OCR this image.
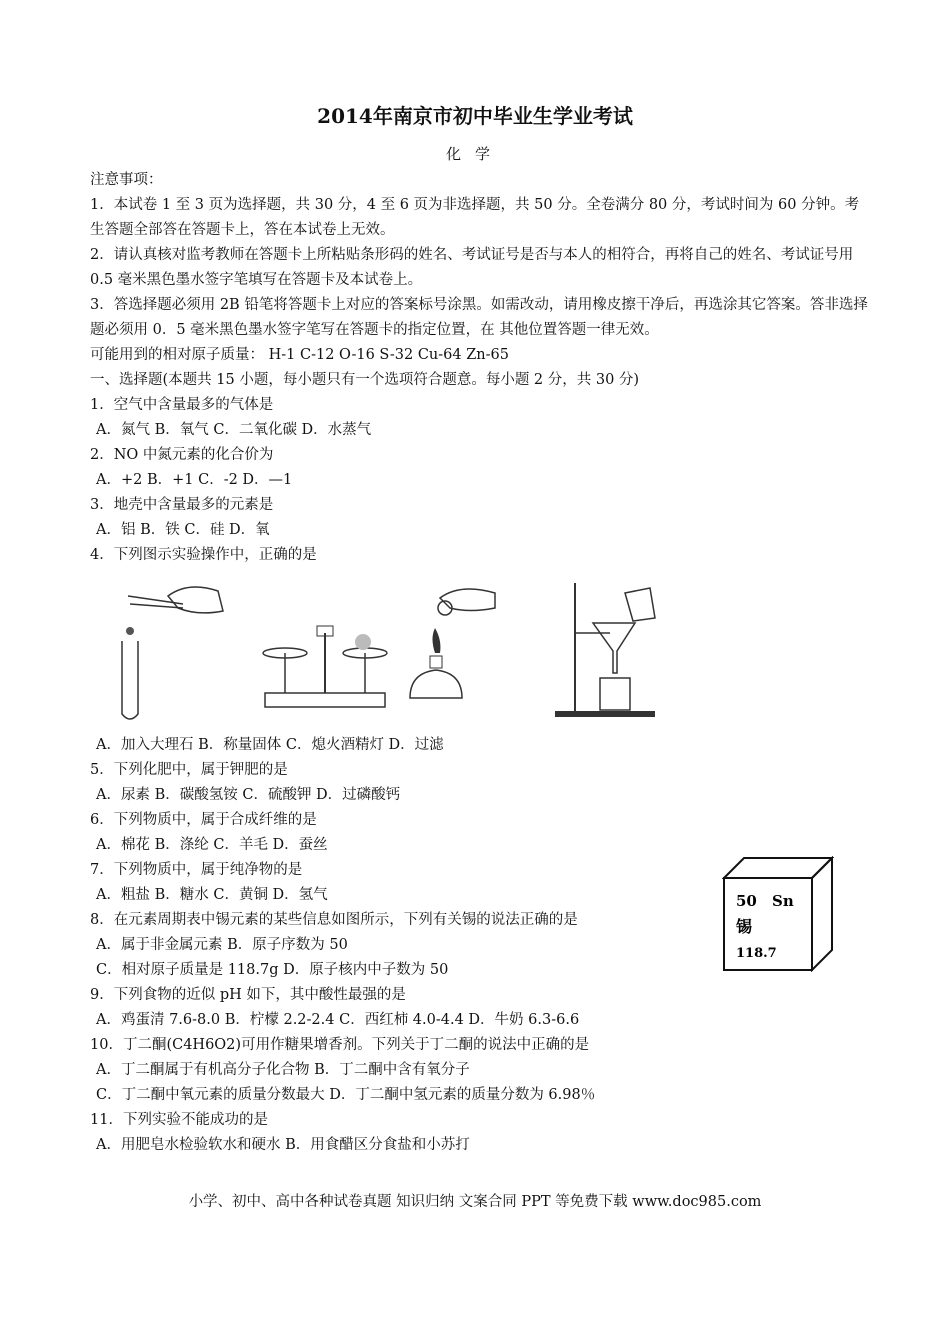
2014年南京市初中毕业生学业考试
化学

注意事项：

1．本试卷 1 至 3 页为选择题，共 30 分，4 至 6 页为非选择题，共 50 分。全卷满分 80 分，考试时间为 60 分钟。考生答题全部答在答题卡上，答在本试卷上无效。

2．请认真核对监考教师在答题卡上所粘贴条形码的姓名、考试证号是否与本人的相符合，再将自己的姓名、考试证号用 0.5 毫米黑色墨水签字笔填写在答题卡及本试卷上。

3．答选择题必须用 2B 铅笔将答题卡上对应的答案标号涂黑。如需改动，请用橡皮擦干净后，再选涂其它答案。答非选择题必须用 0．5 毫米黑色墨水签字笔写在答题卡的指定位置，在 其他位置答题一律无效。

可能用到的相对原子质量： H-1 C-12 O-16 S-32 Cu-64 Zn-65

一、选择题(本题共 15 小题，每小题只有一个选项符合题意。每小题 2 分，共 30 分)

1．空气中含量最多的气体是

A．氮气 B．氧气 C．二氧化碳 D．水蒸气

2．NO 中氮元素的化合价为

A．+2 B．+1 C．-2 D．—1

3．地壳中含量最多的元素是

A．铝 B．铁 C．硅 D．氧

4．下列图示实验操作中，正确的是

A．加入大理石 B．称量固体 C．熄火酒精灯 D．过滤

5．下列化肥中，属于钾肥的是

A．尿素 B．碳酸氢铵 C．硫酸钾 D．过磷酸钙

6．下列物质中，属于合成纤维的是

A．棉花 B．涤纶 C．羊毛 D．蚕丝

7．下列物质中，属于纯净物的是

A．粗盐 B．糖水 C．黄铜 D．氢气

8．在元素周期表中锡元素的某些信息如图所示，下列有关锡的说法正确的是

A．属于非金属元素 B．原子序数为 50

C．相对原子质量是 118.7g D．原子核内中子数为 50

9．下列食物的近似 pH 如下，其中酸性最强的是

A．鸡蛋清 7.6-8.0 B．柠檬 2.2-2.4 C．西红柿 4.0-4.4 D．牛奶 6.3-6.6

10．丁二酮(C4H6O2)可用作糖果增香剂。下列关于丁二酮的说法中正确的是

A．丁二酮属于有机高分子化合物 B．丁二酮中含有氧分子

C．丁二酮中氧元素的质量分数最大 D．丁二酮中氢元素的质量分数为 6.98％

11．下列实验不能成功的是

A．用肥皂水检验软水和硬水 B．用食醋区分食盐和小苏打

50 Sn
锡
118.7
小学、初中、高中各种试卷真题 知识归纳 文案合同 PPT 等免费下载 www.doc985.com
